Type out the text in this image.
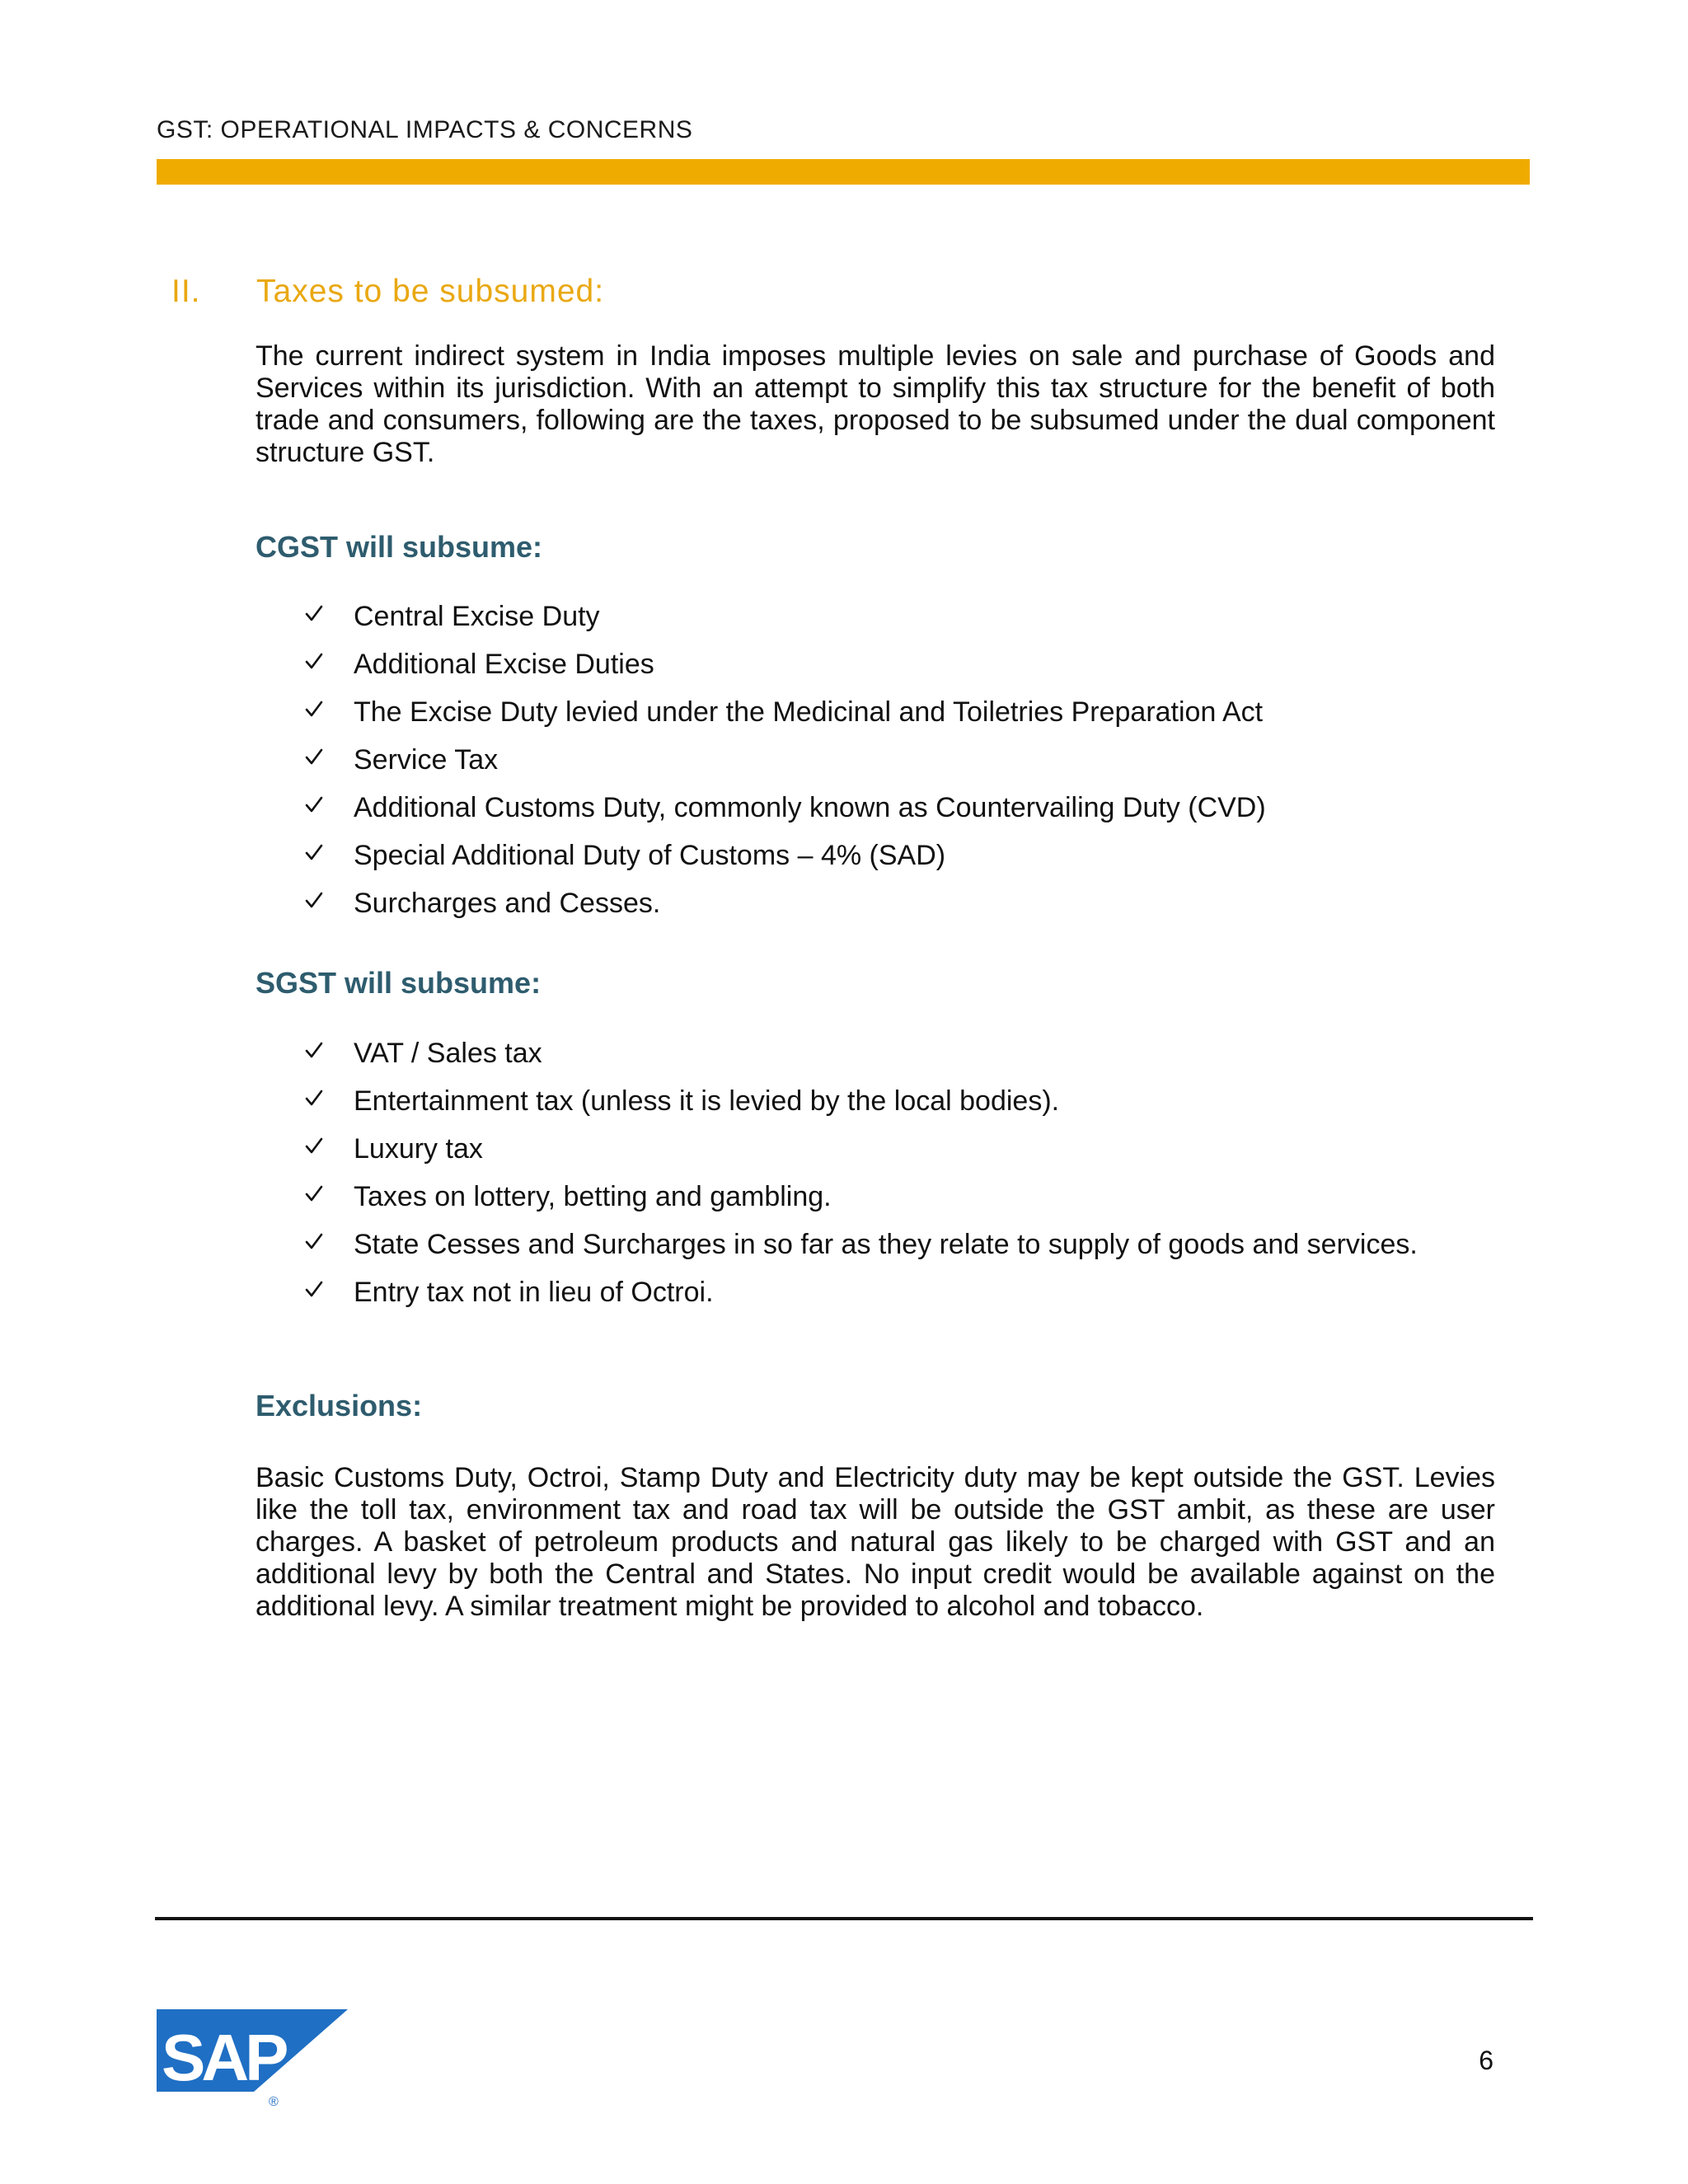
GST: OPERATIONAL IMPACTS & CONCERNS
II. Taxes to be subsumed:
The current indirect system in India imposes multiple levies on sale and purchase of Goods and Services within its jurisdiction. With an attempt to simplify this tax structure for the benefit of both trade and consumers, following are the taxes, proposed to be subsumed under the dual component structure GST.
CGST will subsume:
Central Excise Duty
Additional Excise Duties
The Excise Duty levied under the Medicinal and Toiletries Preparation Act
Service Tax
Additional Customs Duty, commonly known as Countervailing Duty (CVD)
Special Additional Duty of Customs – 4% (SAD)
Surcharges and Cesses.
SGST will subsume:
VAT / Sales tax
Entertainment tax (unless it is levied by the local bodies).
Luxury tax
Taxes on lottery, betting and gambling.
State Cesses and Surcharges in so far as they relate to supply of goods and services.
Entry tax not in lieu of Octroi.
Exclusions:
Basic Customs Duty, Octroi, Stamp Duty and Electricity duty may be kept outside the GST. Levies like the toll tax, environment tax and road tax will be outside the GST ambit, as these are user charges. A basket of petroleum products and natural gas likely to be charged with GST and an additional levy by both the Central and States. No input credit would be available against on the additional levy. A similar treatment might be provided to alcohol and tobacco.
SAP
®
6
